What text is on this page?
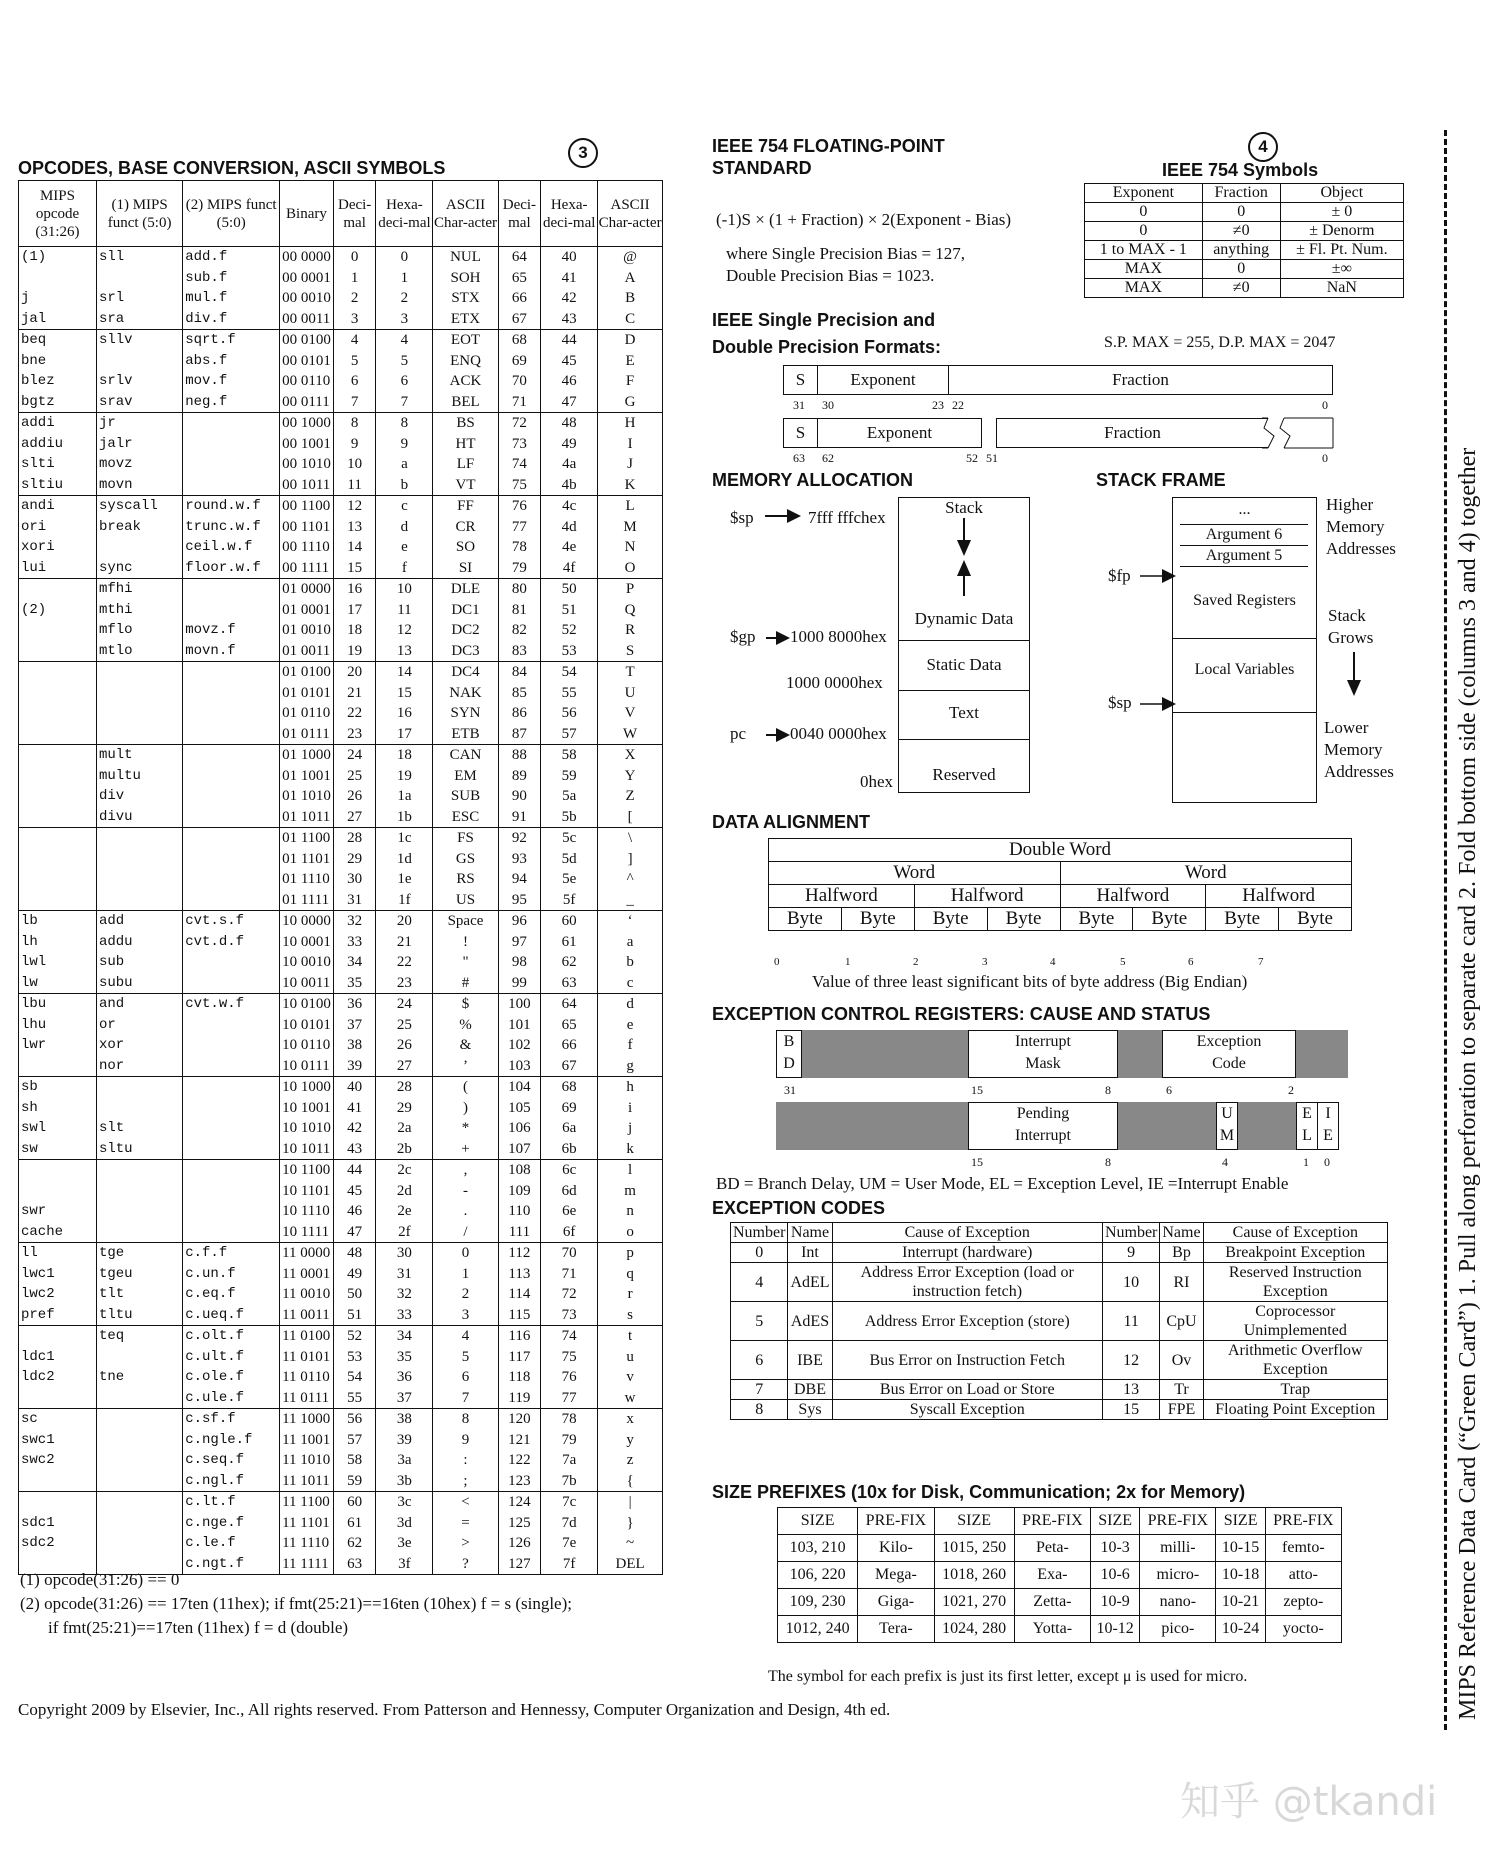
3
OPCODES, BASE CONVERSION, ASCII SYMBOLS
MIPS opcode (31:26)	(1) MIPS funct (5:0)	(2) MIPS funct (5:0)	Binary	Deci-mal	Hexa-deci-mal	ASCII Char-acter	Deci-mal	Hexa-deci-mal	ASCII Char-acter
(1)	sll	add.f	00 0000	0	0	NUL	64	40	@
		sub.f	00 0001	1	1	SOH	65	41	A
j	srl	mul.f	00 0010	2	2	STX	66	42	B
jal	sra	div.f	00 0011	3	3	ETX	67	43	C
beq	sllv	sqrt.f	00 0100	4	4	EOT	68	44	D
bne		abs.f	00 0101	5	5	ENQ	69	45	E
blez	srlv	mov.f	00 0110	6	6	ACK	70	46	F
bgtz	srav	neg.f	00 0111	7	7	BEL	71	47	G
addi	jr		00 1000	8	8	BS	72	48	H
addiu	jalr		00 1001	9	9	HT	73	49	I
slti	movz		00 1010	10	a	LF	74	4a	J
sltiu	movn		00 1011	11	b	VT	75	4b	K
andi	syscall	round.w.f	00 1100	12	c	FF	76	4c	L
ori	break	trunc.w.f	00 1101	13	d	CR	77	4d	M
xori		ceil.w.f	00 1110	14	e	SO	78	4e	N
lui	sync	floor.w.f	00 1111	15	f	SI	79	4f	O
	mfhi		01 0000	16	10	DLE	80	50	P
(2)	mthi		01 0001	17	11	DC1	81	51	Q
	mflo	movz.f	01 0010	18	12	DC2	82	52	R
	mtlo	movn.f	01 0011	19	13	DC3	83	53	S
			01 0100	20	14	DC4	84	54	T
			01 0101	21	15	NAK	85	55	U
			01 0110	22	16	SYN	86	56	V
			01 0111	23	17	ETB	87	57	W
	mult		01 1000	24	18	CAN	88	58	X
	multu		01 1001	25	19	EM	89	59	Y
	div		01 1010	26	1a	SUB	90	5a	Z
	divu		01 1011	27	1b	ESC	91	5b	[
			01 1100	28	1c	FS	92	5c	\
			01 1101	29	1d	GS	93	5d	]
			01 1110	30	1e	RS	94	5e	^
			01 1111	31	1f	US	95	5f	_
lb	add	cvt.s.f	10 0000	32	20	Space	96	60	‘
lh	addu	cvt.d.f	10 0001	33	21	!	97	61	a
lwl	sub		10 0010	34	22	"	98	62	b
lw	subu		10 0011	35	23	#	99	63	c
lbu	and	cvt.w.f	10 0100	36	24	$	100	64	d
lhu	or		10 0101	37	25	%	101	65	e
lwr	xor		10 0110	38	26	&	102	66	f
	nor		10 0111	39	27	’	103	67	g
sb			10 1000	40	28	(	104	68	h
sh			10 1001	41	29	)	105	69	i
swl	slt		10 1010	42	2a	*	106	6a	j
sw	sltu		10 1011	43	2b	+	107	6b	k
			10 1100	44	2c	,	108	6c	l
			10 1101	45	2d	-	109	6d	m
swr			10 1110	46	2e	.	110	6e	n
cache			10 1111	47	2f	/	111	6f	o
ll	tge	c.f.f	11 0000	48	30	0	112	70	p
lwc1	tgeu	c.un.f	11 0001	49	31	1	113	71	q
lwc2	tlt	c.eq.f	11 0010	50	32	2	114	72	r
pref	tltu	c.ueq.f	11 0011	51	33	3	115	73	s
	teq	c.olt.f	11 0100	52	34	4	116	74	t
ldc1		c.ult.f	11 0101	53	35	5	117	75	u
ldc2	tne	c.ole.f	11 0110	54	36	6	118	76	v
		c.ule.f	11 0111	55	37	7	119	77	w
sc		c.sf.f	11 1000	56	38	8	120	78	x
swc1		c.ngle.f	11 1001	57	39	9	121	79	y
swc2		c.seq.f	11 1010	58	3a	:	122	7a	z
		c.ngl.f	11 1011	59	3b	;	123	7b	{
		c.lt.f	11 1100	60	3c	<	124	7c	|
sdc1		c.nge.f	11 1101	61	3d	=	125	7d	}
sdc2		c.le.f	11 1110	62	3e	>	126	7e	~
		c.ngt.f	11 1111	63	3f	?	127	7f	DEL
(1) opcode(31:26) == 0
(2) opcode(31:26) == 17ten (11hex); if fmt(25:21)==16ten (10hex) f = s (single);
if fmt(25:21)==17ten (11hex) f = d (double)
IEEE 754 FLOATING-POINT
STANDARD
(-1)S × (1 + Fraction) × 2(Exponent - Bias)
where Single Precision Bias = 127,
Double Precision Bias = 1023.
4
IEEE 754 Symbols
Exponent	Fraction	Object
0	0	± 0
0	≠0	± Denorm
1 to MAX - 1	anything	± Fl. Pt. Num.
MAX	0	±∞
MAX	≠0	NaN
S.P. MAX = 255, D.P. MAX = 2047
IEEE Single Precision and
Double Precision Formats:
S	Exponent	Fraction
31 30	23 22	0
S	Exponent	Fraction
63 62	52 51	0
MEMORY ALLOCATION
Stack
Dynamic Data
Static Data
Text
Reserved
$sp	7fff fffchex
$gp 1000 8000hex
1000 0000hex
pc	0040 0000hex
0hex
STACK FRAME
...
Argument 6
Argument 5
Saved Registers
Local Variables
$fp
$sp
Higher
Memory
Addresses
Stack
Grows
Lower
Memory
Addresses
DATA ALIGNMENT
Double Word							
Word				Word			
Halfword		Halfword		Halfword		Halfword	
Byte	Byte	Byte	Byte	Byte	Byte	Byte	Byte
0	1	2	3	4	5	6	7
Value of three least significant bits of byte address (Big Endian)
EXCEPTION CONTROL REGISTERS: CAUSE AND STATUS
B D
Interrupt
Mask
Exception
Code
31	15	8	6	2
Pending
Interrupt
U
M
E
L
I
E
15	8	4	1 0
BD = Branch Delay, UM = User Mode, EL = Exception Level, IE =Interrupt Enable
EXCEPTION CODES
Number	Name	Cause of Exception	Number	Name	Cause of Exception
0	Int	Interrupt (hardware)	9	Bp	Breakpoint Exception
4	AdEL	Address Error Exception (load or instruction fetch)	10	RI	Reserved Instruction Exception
5	AdES	Address Error Exception (store)	11	CpU	Coprocessor Unimplemented
6	IBE	Bus Error on Instruction Fetch	12	Ov	Arithmetic Overflow Exception
7	DBE	Bus Error on Load or Store	13	Tr	Trap
8	Sys	Syscall Exception	15	FPE	Floating Point Exception
SIZE PREFIXES (10x for Disk, Communication; 2x for Memory)
SIZE	PRE-FIX	SIZE	PRE-FIX	SIZE	PRE-FIX	SIZE	PRE-FIX
103, 210	Kilo-	1015, 250	Peta-	10-3	milli-	10-15	femto-
106, 220	Mega-	1018, 260	Exa-	10-6	micro-	10-18	atto-
109, 230	Giga-	1021, 270	Zetta-	10-9	nano-	10-21	zepto-
1012, 240	Tera-	1024, 280	Yotta-	10-12	pico-	10-24	yocto-
The symbol for each prefix is just its first letter, except μ is used for micro.
Copyright 2009 by Elsevier, Inc., All rights reserved. From Patterson and Hennessy, Computer Organization and Design, 4th ed.	MIPS Reference Data Card (“Green Card”) 1. Pull along perforation to separate card 2. Fold bottom side (columns 3 and 4) together
知乎 @tkandi
